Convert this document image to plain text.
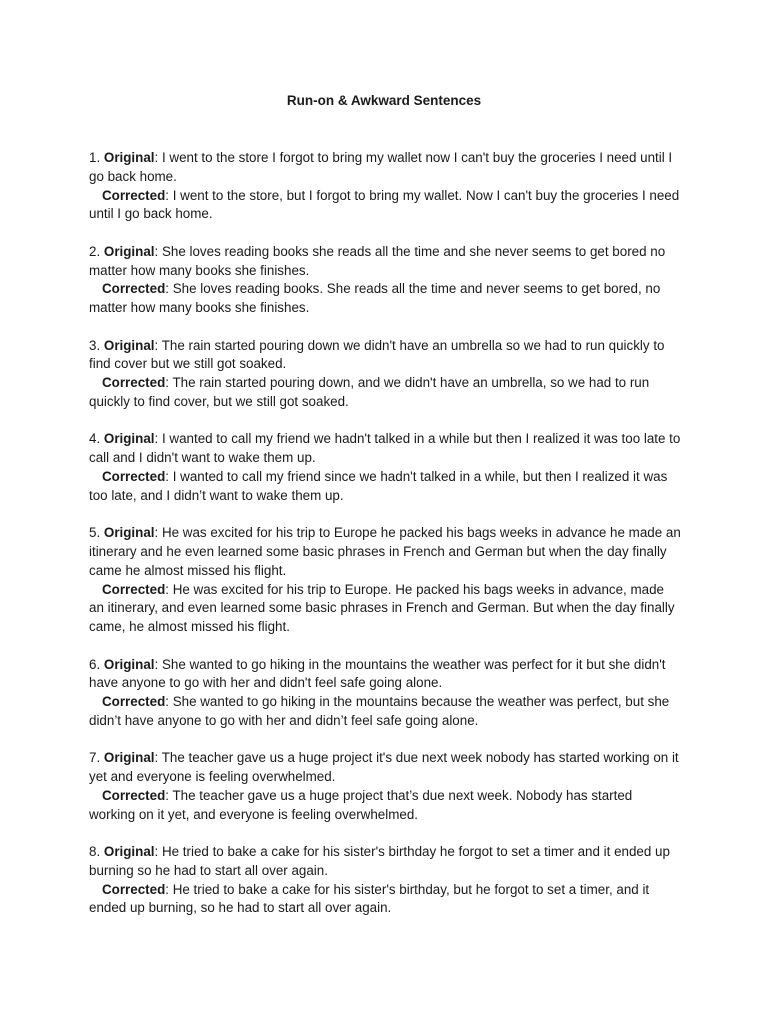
Run-on & Awkward Sentences

1. Original: I went to the store I forgot to bring my wallet now I can't buy the groceries I need until I go back home.

Corrected: I went to the store, but I forgot to bring my wallet. Now I can't buy the groceries I need until I go back home.

2. Original: She loves reading books she reads all the time and she never seems to get bored no matter how many books she finishes.

Corrected: She loves reading books. She reads all the time and never seems to get bored, no matter how many books she finishes.

3. Original: The rain started pouring down we didn't have an umbrella so we had to run quickly to find cover but we still got soaked.

Corrected: The rain started pouring down, and we didn't have an umbrella, so we had to run quickly to find cover, but we still got soaked.

4. Original: I wanted to call my friend we hadn't talked in a while but then I realized it was too late to call and I didn't want to wake them up.

Corrected: I wanted to call my friend since we hadn't talked in a while, but then I realized it was too late, and I didn’t want to wake them up.

5. Original: He was excited for his trip to Europe he packed his bags weeks in advance he made an itinerary and he even learned some basic phrases in French and German but when the day finally came he almost missed his flight.

Corrected: He was excited for his trip to Europe. He packed his bags weeks in advance, made an itinerary, and even learned some basic phrases in French and German. But when the day finally came, he almost missed his flight.

6. Original: She wanted to go hiking in the mountains the weather was perfect for it but she didn't have anyone to go with her and didn't feel safe going alone.

Corrected: She wanted to go hiking in the mountains because the weather was perfect, but she didn’t have anyone to go with her and didn’t feel safe going alone.

7. Original: The teacher gave us a huge project it's due next week nobody has started working on it yet and everyone is feeling overwhelmed.

Corrected: The teacher gave us a huge project that’s due next week. Nobody has started working on it yet, and everyone is feeling overwhelmed.

8. Original: He tried to bake a cake for his sister's birthday he forgot to set a timer and it ended up burning so he had to start all over again.

Corrected: He tried to bake a cake for his sister's birthday, but he forgot to set a timer, and it ended up burning, so he had to start all over again.
